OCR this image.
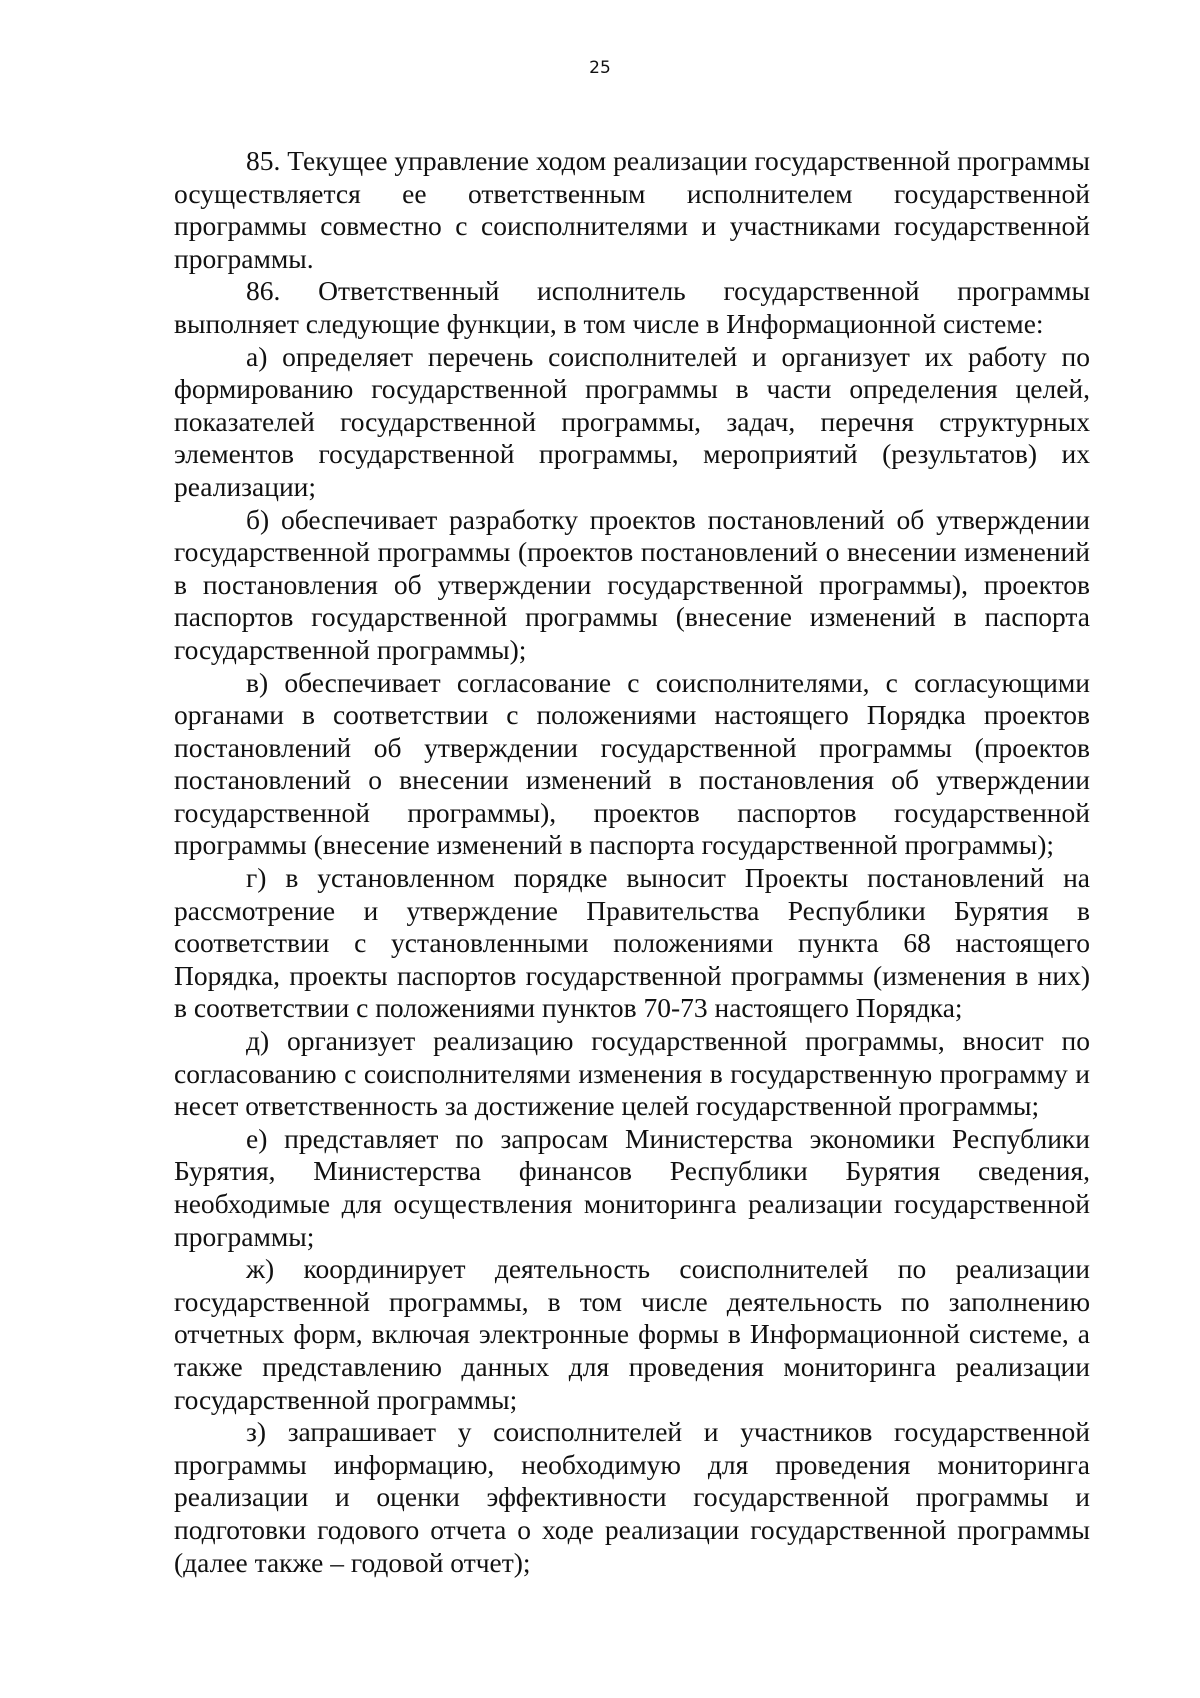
25

85. Текущее управление ходом реализации государственной программы осуществляется ее ответственным исполнителем государственной программы совместно с соисполнителями и участниками государственной программы.

86. Ответственный исполнитель государственной программы выполняет следующие функции, в том числе в Информационной системе:

а) определяет перечень соисполнителей и организует их работу по формированию государственной программы в части определения целей, показателей государственной программы, задач, перечня структурных элементов государственной программы, мероприятий (результатов) их реализации;

б) обеспечивает разработку проектов постановлений об утверждении государственной программы (проектов постановлений о внесении изменений в постановления об утверждении государственной программы), проектов паспортов государственной программы (внесение изменений в паспорта государственной программы);

в) обеспечивает согласование с соисполнителями, с согласующими органами в соответствии с положениями настоящего Порядка проектов постановлений об утверждении государственной программы (проектов постановлений о внесении изменений в постановления об утверждении государственной программы), проектов паспортов государственной программы (внесение изменений в паспорта государственной программы);

г) в установленном порядке выносит Проекты постановлений на рассмотрение и утверждение Правительства Республики Бурятия в соответствии с установленными положениями пункта 68 настоящего Порядка, проекты паспортов государственной программы (изменения в них) в соответствии с положениями пунктов 70-73 настоящего Порядка;

д) организует реализацию государственной программы, вносит по согласованию с соисполнителями изменения в государственную программу и несет ответственность за достижение целей государственной программы;

е) представляет по запросам Министерства экономики Республики Бурятия, Министерства финансов Республики Бурятия сведения, необходимые для осуществления мониторинга реализации государственной программы;

ж) координирует деятельность соисполнителей по реализации государственной программы, в том числе деятельность по заполнению отчетных форм, включая электронные формы в Информационной системе, а также представлению данных для проведения мониторинга реализации государственной программы;

з) запрашивает у соисполнителей и участников государственной программы информацию, необходимую для проведения мониторинга реализации и оценки эффективности государственной программы и подготовки годового отчета о ходе реализации государственной программы (далее также – годовой отчет);
